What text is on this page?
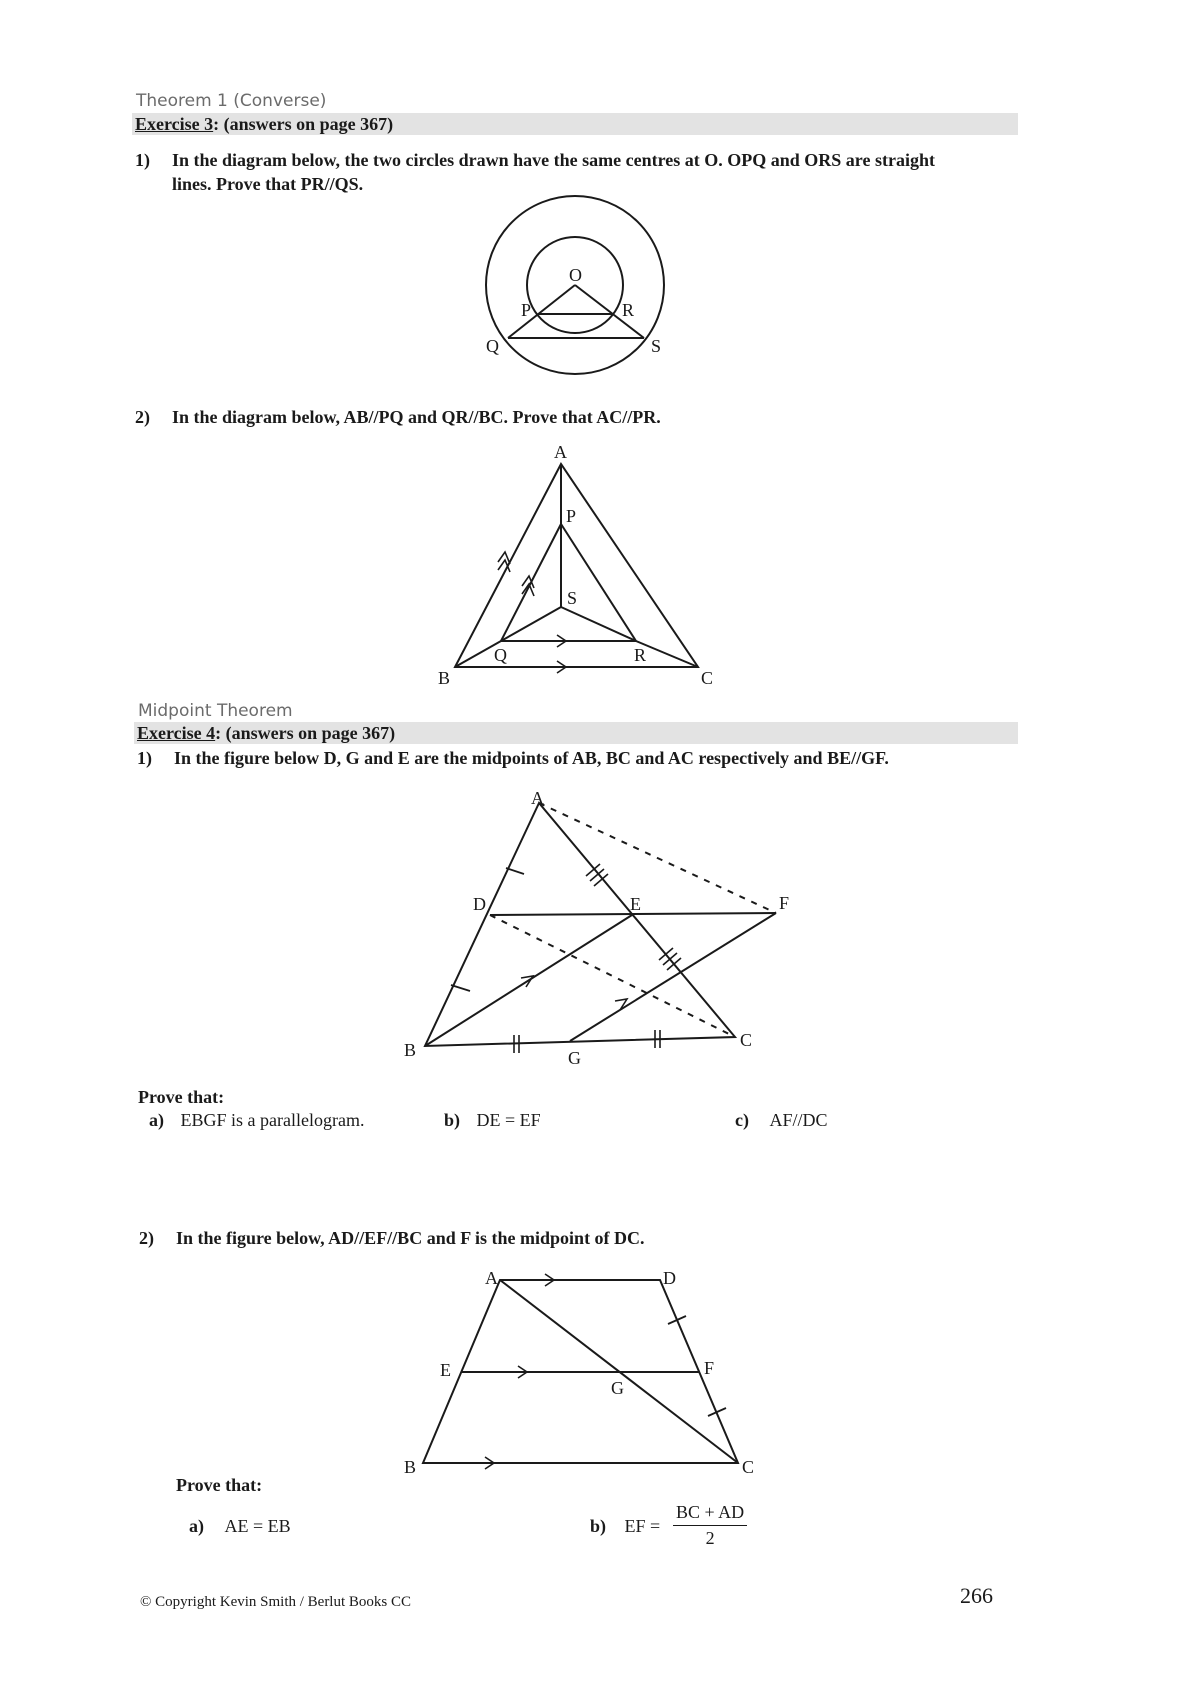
Theorem 1 (Converse)
Exercise 3: (answers on page 367)
1) In the diagram below, the two circles drawn have the same centres at O. OPQ and ORS are straight
lines. Prove that PR//QS.
O
P	R
Q	S
2) In the diagram below, AB//PQ and QR//BC. Prove that AC//PR.
A
P
S
Q	R
B	C
Midpoint Theorem
Exercise 4: (answers on page 367)
1) In the figure below D, G and E are the midpoints of AB, BC and AC respectively and BE//GF.
A
D	E	F
B	G
C
Prove that:
a) EBGF is a parallelogram.	b) DE = EF	c) AF//DC
2) In the figure below, AD//EF//BC and F is the midpoint of DC.
A	D
E	F
G
B	C
Prove that:
a) AE = EB	b) EF = $\frac{BC + AD}{2}$
© Copyright Kevin Smith / Berlut Books CC	266
